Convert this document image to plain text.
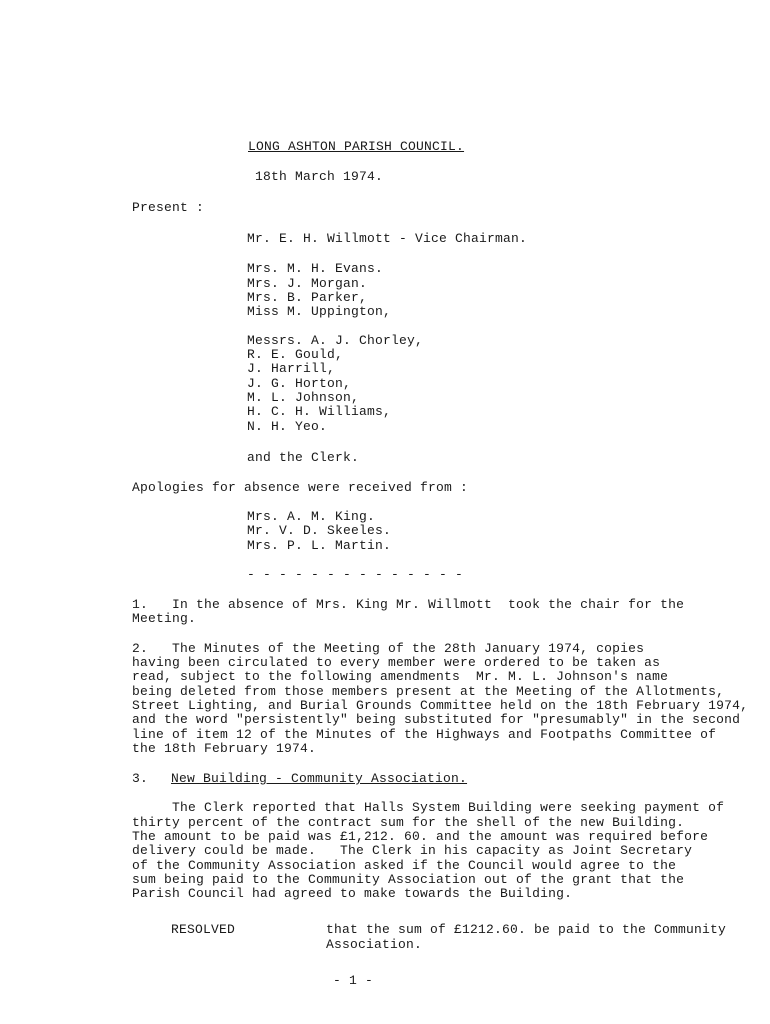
LONG ASHTON PARISH COUNCIL.
18th March 1974.
Present :
Mr. E. H. Willmott - Vice Chairman.
Mrs. M. H. Evans.
Mrs. J. Morgan.
Mrs. B. Parker,
Miss M. Uppington,
Messrs. A. J. Chorley,
R. E. Gould,
J. Harrill,
J. G. Horton,
M. L. Johnson,
H. C. H. Williams,
N. H. Yeo.
and the Clerk.
Apologies for absence were received from :
Mrs. A. M. King.
Mr. V. D. Skeeles.
Mrs. P. L. Martin.
- - - - - - - - - - - - - -
1.   In the absence of Mrs. King Mr. Willmott  took the chair for the
Meeting.
2.   The Minutes of the Meeting of the 28th January 1974, copies
having been circulated to every member were ordered to be taken as
read, subject to the following amendments  Mr. M. L. Johnson's name
being deleted from those members present at the Meeting of the Allotments,
Street Lighting, and Burial Grounds Committee held on the 18th February 1974,
and the word "persistently" being substituted for "presumably" in the second
line of item 12 of the Minutes of the Highways and Footpaths Committee of
the 18th February 1974.
3. New Building - Community Association.
The Clerk reported that Halls System Building were seeking payment of
thirty percent of the contract sum for the shell of the new Building.
The amount to be paid was £1,212. 60. and the amount was required before
delivery could be made.   The Clerk in his capacity as Joint Secretary
of the Community Association asked if the Council would agree to the
sum being paid to the Community Association out of the grant that the
Parish Council had agreed to make towards the Building.
RESOLVED	that the sum of £1212.60. be paid to the Community
Association.
- 1 -
